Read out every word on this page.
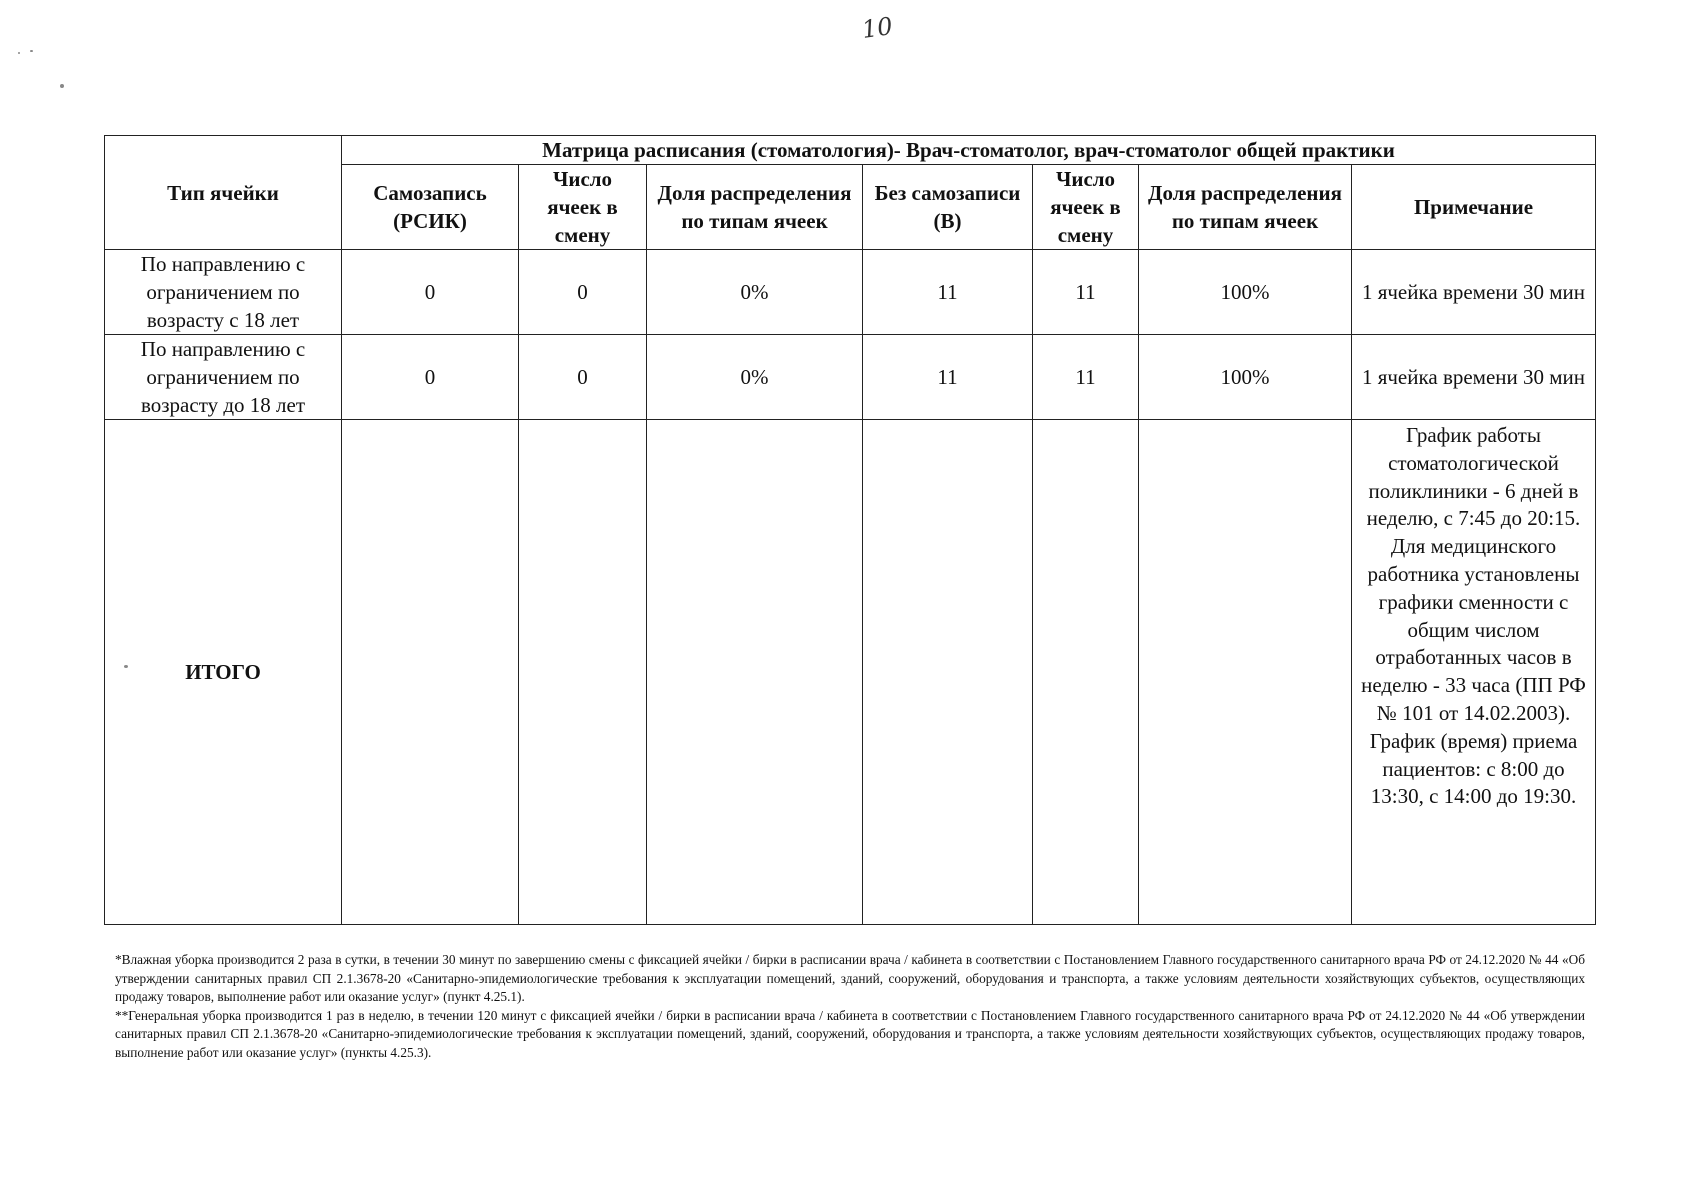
10
Тип ячейки	Матрица расписания (стоматология)- Врач-стоматолог, врач-стоматолог общей практики						
	Самозапись (РСИК)	Число ячеек в смену	Доля распределения по типам ячеек	Без самозаписи (В)	Число ячеек в смену	Доля распределения по типам ячеек	Примечание
По направлению с ограничением по возрасту с 18 лет	0	0	0%	11	11	100%	1 ячейка времени 30 мин
По направлению с ограничением по возрасту до 18 лет	0	0	0%	11	11	100%	1 ячейка времени 30 мин
ИТОГО							График работы стоматологической поликлиники - 6 дней в неделю, с 7:45 до 20:15. Для медицинского работника установлены графики сменности с общим числом отработанных часов в неделю - 33 часа (ПП РФ № 101 от 14.02.2003). График (время) приема пациентов: с 8:00 до 13:30, с 14:00 до 19:30.

*Влажная уборка производится 2 раза в сутки, в течении 30 минут по завершению смены с фиксацией ячейки / бирки в расписании врача / кабинета в соответствии с Постановлением Главного государственного санитарного врача РФ от 24.12.2020 № 44 «Об утверждении санитарных правил СП 2.1.3678-20 «Санитарно-эпидемиологические требования к эксплуатации помещений, зданий, сооружений, оборудования и транспорта, а также условиям деятельности хозяйствующих субъектов, осуществляющих продажу товаров, выполнение работ или оказание услуг» (пункт 4.25.1).

**Генеральная уборка производится 1 раз в неделю, в течении 120 минут с фиксацией ячейки / бирки в расписании врача / кабинета в соответствии с Постановлением Главного государственного санитарного врача РФ от 24.12.2020 № 44 «Об утверждении санитарных правил СП 2.1.3678-20 «Санитарно-эпидемиологические требования к эксплуатации помещений, зданий, сооружений, оборудования и транспорта, а также условиям деятельности хозяйствующих субъектов, осуществляющих продажу товаров, выполнение работ или оказание услуг» (пункты 4.25.3).
